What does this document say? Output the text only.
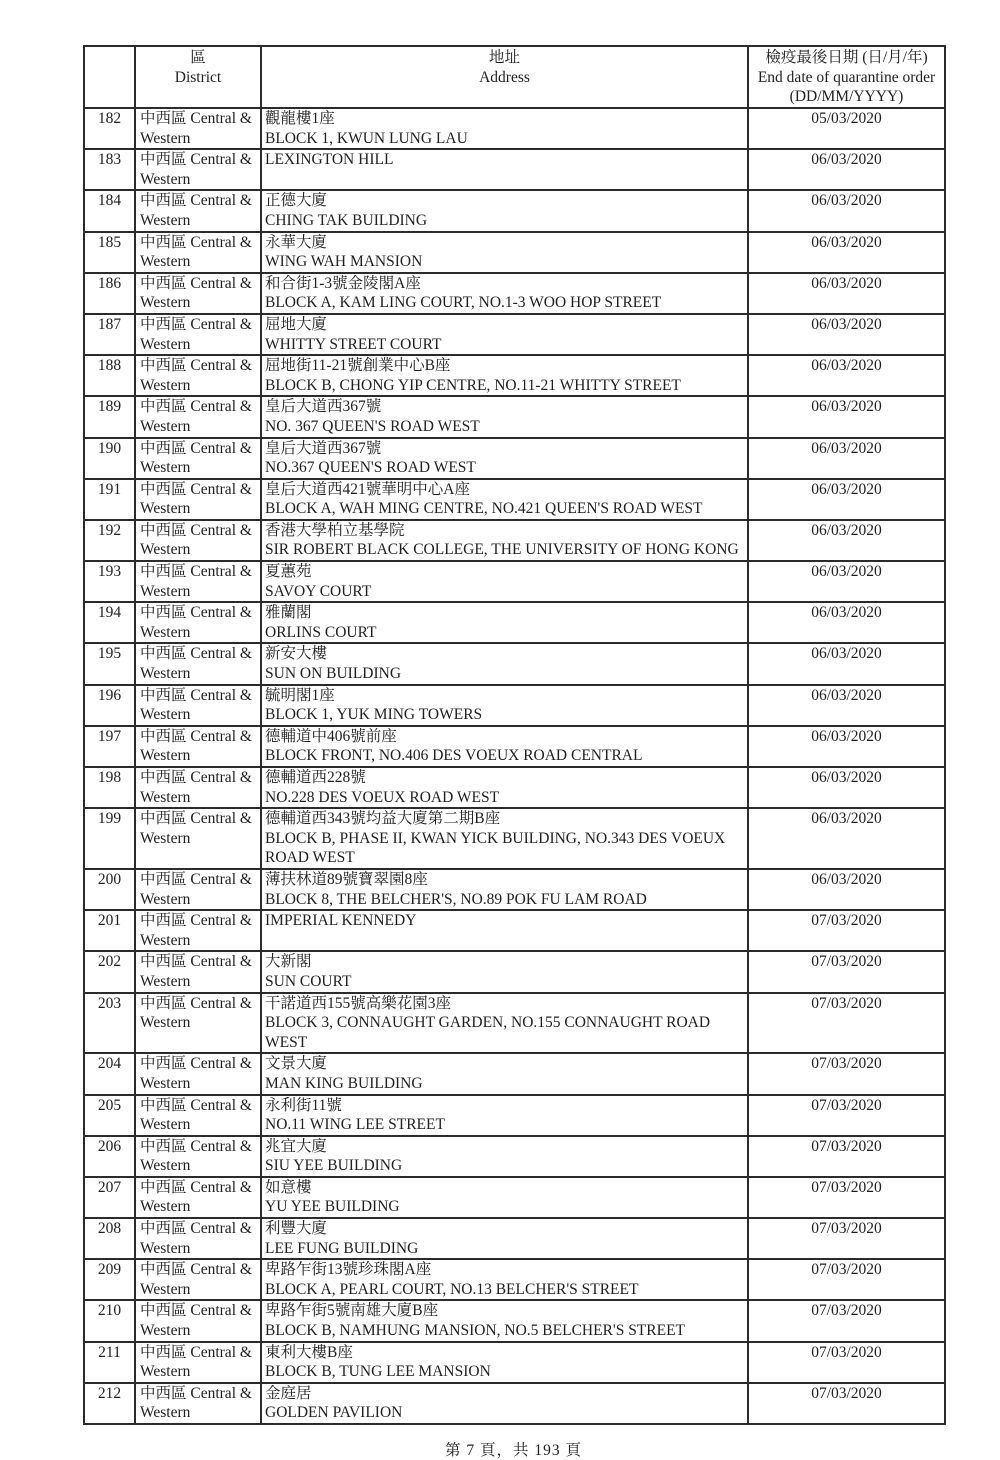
區
District

地址
Address

檢疫最後日期 (日/月/年)
End date of quarantine order
(DD/MM/YYYY)

182	中西區 Central & Western	觀龍樓1座
BLOCK 1, KWUN LUNG LAU	05/03/2020
183	中西區 Central & Western	LEXINGTON HILL	06/03/2020
184	中西區 Central & Western	正德大廈
CHING TAK BUILDING	06/03/2020
185	中西區 Central & Western	永華大廈
WING WAH MANSION	06/03/2020
186	中西區 Central & Western	和合街1-3號金陵閣A座
BLOCK A, KAM LING COURT, NO.1-3 WOO HOP STREET	06/03/2020
187	中西區 Central & Western	屈地大廈
WHITTY STREET COURT	06/03/2020
188	中西區 Central & Western	屈地街11-21號創業中心B座
BLOCK B, CHONG YIP CENTRE, NO.11-21 WHITTY STREET	06/03/2020
189	中西區 Central & Western	皇后大道西367號
NO. 367 QUEEN'S ROAD WEST	06/03/2020
190	中西區 Central & Western	皇后大道西367號
NO.367 QUEEN'S ROAD WEST	06/03/2020
191	中西區 Central & Western	皇后大道西421號華明中心A座
BLOCK A, WAH MING CENTRE, NO.421 QUEEN'S ROAD WEST	06/03/2020
192	中西區 Central & Western	香港大學柏立基學院
SIR ROBERT BLACK COLLEGE, THE UNIVERSITY OF HONG KONG	06/03/2020
193	中西區 Central & Western	夏蕙苑
SAVOY COURT	06/03/2020
194	中西區 Central & Western	雅蘭閣
ORLINS COURT	06/03/2020
195	中西區 Central & Western	新安大樓
SUN ON BUILDING	06/03/2020
196	中西區 Central & Western	毓明閣1座
BLOCK 1, YUK MING TOWERS	06/03/2020
197	中西區 Central & Western	德輔道中406號前座
BLOCK FRONT, NO.406 DES VOEUX ROAD CENTRAL	06/03/2020
198	中西區 Central & Western	德輔道西228號
NO.228 DES VOEUX ROAD WEST	06/03/2020
199	中西區 Central & Western	德輔道西343號均益大廈第二期B座
BLOCK B, PHASE II, KWAN YICK BUILDING, NO.343 DES VOEUX ROAD WEST	06/03/2020
200	中西區 Central & Western	薄扶林道89號寶翠園8座
BLOCK 8, THE BELCHER'S, NO.89 POK FU LAM ROAD	06/03/2020
201	中西區 Central & Western	IMPERIAL KENNEDY	07/03/2020
202	中西區 Central & Western	大新閣
SUN COURT	07/03/2020
203	中西區 Central & Western	干諾道西155號高樂花園3座
BLOCK 3, CONNAUGHT GARDEN, NO.155 CONNAUGHT ROAD WEST	07/03/2020
204	中西區 Central & Western	文景大廈
MAN KING BUILDING	07/03/2020
205	中西區 Central & Western	永利街11號
NO.11 WING LEE STREET	07/03/2020
206	中西區 Central & Western	兆宜大廈
SIU YEE BUILDING	07/03/2020
207	中西區 Central & Western	如意樓
YU YEE BUILDING	07/03/2020
208	中西區 Central & Western	利豐大廈
LEE FUNG BUILDING	07/03/2020
209	中西區 Central & Western	卑路乍街13號珍珠閣A座
BLOCK A, PEARL COURT, NO.13 BELCHER'S STREET	07/03/2020
210	中西區 Central & Western	卑路乍街5號南雄大廈B座
BLOCK B, NAMHUNG MANSION, NO.5 BELCHER'S STREET	07/03/2020
211	中西區 Central & Western	東利大樓B座
BLOCK B, TUNG LEE MANSION	07/03/2020
212	中西區 Central & Western	金庭居
GOLDEN PAVILION	07/03/2020
第 7 頁，共 193 頁
